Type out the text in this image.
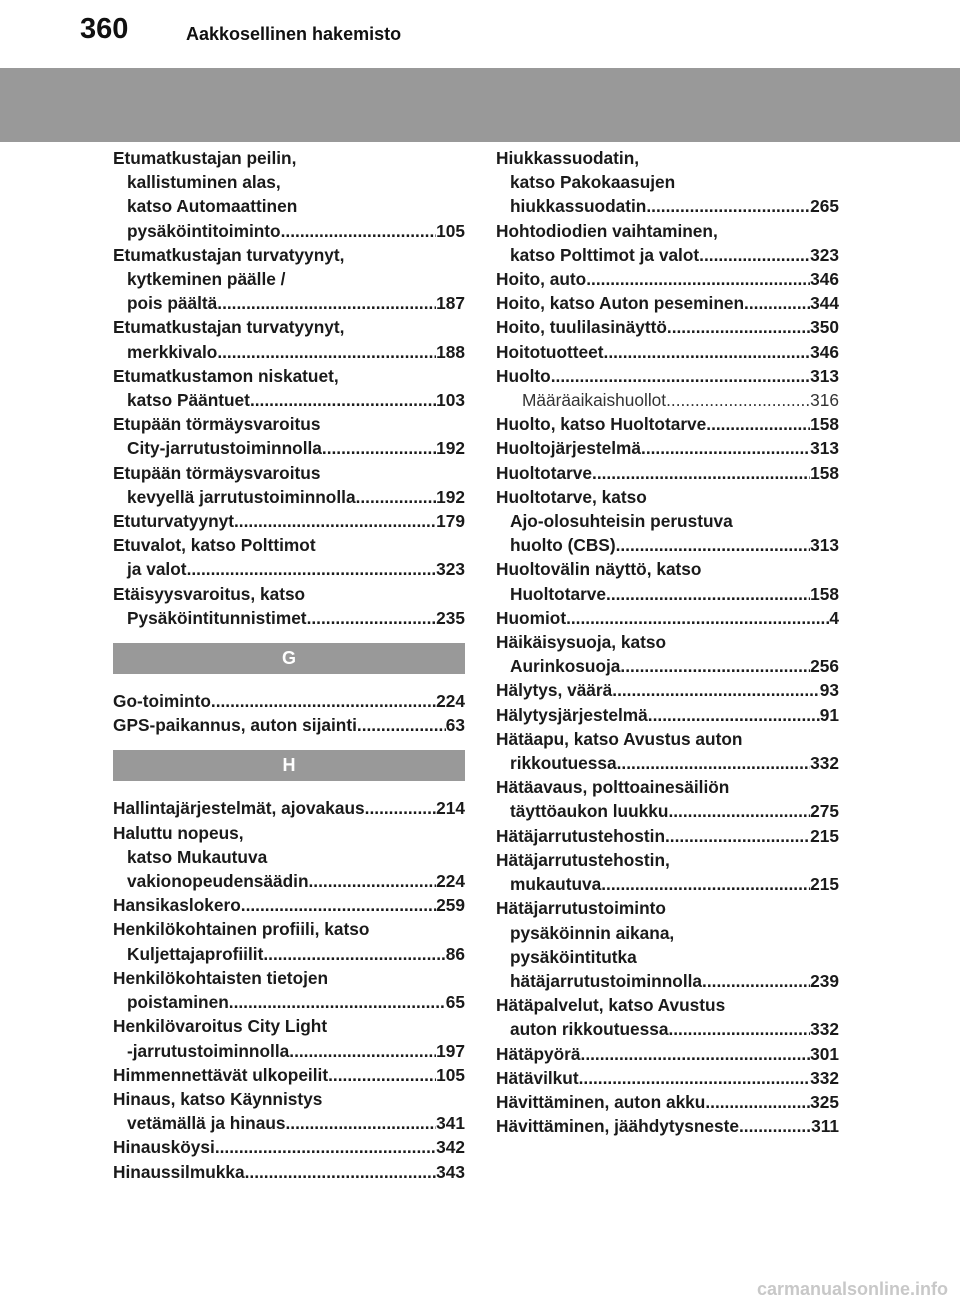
360	Aakkosellinen hakemisto
Etumatkustajan peilin,
kallistuminen alas,
katso Automaattinen
pysäköintitoiminto .....	105
Etumatkustajan turvatyynyt,
kytkeminen päälle /
pois päältä .....	187
Etumatkustajan turvatyynyt,
merkkivalo .....	188
Etumatkustamon niskatuet,
katso Pääntuet .....	103
Etupään törmäysvaroitus
City-jarrutustoiminnolla .....	192
Etupään törmäysvaroitus
kevyellä jarrutustoiminnolla .....	192
Etuturvatyynyt .....	179
Etuvalot, katso Polttimot
ja valot .....	323
Etäisyysvaroitus, katso
Pysäköintitunnistimet .....	235
G
Go-toiminto .....	224
GPS-paikannus, auton sijainti .....	63
H
Hallintajärjestelmät, ajovakaus .....	214
Haluttu nopeus,
katso Mukautuva
vakionopeudensäädin .....	224
Hansikaslokero .....	259
Henkilökohtainen profiili, katso
Kuljettajaprofiilit .....	86
Henkilökohtaisten tietojen
poistaminen .....	65
Henkilövaroitus City Light
-jarrutustoiminnolla .....	197
Himmennettävät ulkopeilit .....	105
Hinaus, katso Käynnistys
vetämällä ja hinaus .....	341
Hinausköysi .....	342
Hinaussilmukka .....	343
Hiukkassuodatin,
katso Pakokaasujen
hiukkassuodatin .....	265
Hohtodiodien vaihtaminen,
katso Polttimot ja valot .....	323
Hoito, auto .....	346
Hoito, katso Auton peseminen .....	344
Hoito, tuulilasinäyttö .....	350
Hoitotuotteet .....	346
Huolto .....	313
Määräaikaishuollot .....	316
Huolto, katso Huoltotarve .....	158
Huoltojärjestelmä .....	313
Huoltotarve .....	158
Huoltotarve, katso
Ajo-olosuhteisin perustuva
huolto (CBS) .....	313
Huoltovälin näyttö, katso
Huoltotarve .....	158
Huomiot .....	4
Häikäisysuoja, katso
Aurinkosuoja .....	256
Hälytys, väärä .....	93
Hälytysjärjestelmä .....	91
Hätäapu, katso Avustus auton
rikkoutuessa .....	332
Hätäavaus, polttoainesäiliön
täyttöaukon luukku .....	275
Hätäjarrutustehostin .....	215
Hätäjarrutustehostin,
mukautuva .....	215
Hätäjarrutustoiminto
pysäköinnin aikana,
pysäköintitutka
hätäjarrutustoiminnolla .....	239
Hätäpalvelut, katso Avustus
auton rikkoutuessa .....	332
Hätäpyörä .....	301
Hätävilkut .....	332
Hävittäminen, auton akku .....	325
Hävittäminen, jäähdytysneste .....	311
carmanualsonline.info
